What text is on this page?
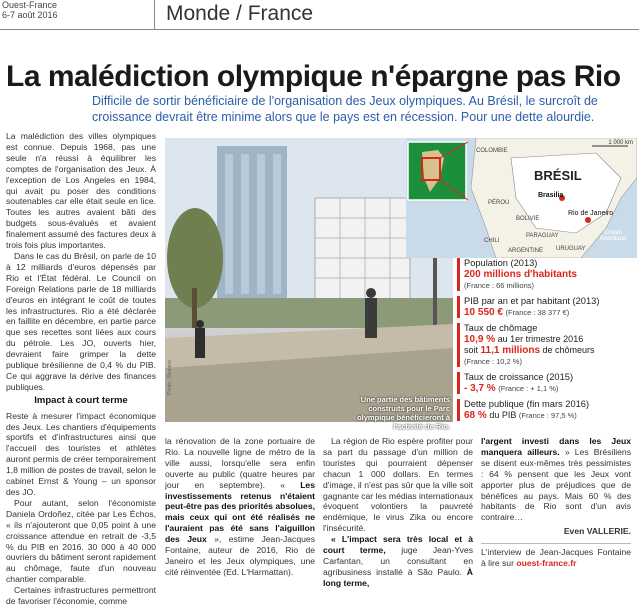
Ouest-France
6-7 août 2016	Monde / France
La malédiction olympique n'épargne pas Rio
Difficile de sortir bénéficiaire de l'organisation des Jeux olympiques. Au Brésil, le surcroît de croissance devrait être minime alors que le pays est en récession. Pour une dette alourdie.

La malédiction des villes olympiques est connue. Depuis 1968, pas une seule n'a réussi à équilibrer les comptes de l'organisation des Jeux. À l'exception de Los Angeles en 1984, qui avait pu poser des conditions soutenables car elle était seule en lice. Toutes les autres avaient bâti des budgets sous-évalués et avaient finalement assumé des factures deux à trois fois plus importantes.

Dans le cas du Brésil, on parle de 10 à 12 milliards d'euros dépensés par Rio et l'État fédéral. Le Council on Foreign Relations parle de 18 milliards d'euros en intégrant le coût de toutes les infrastructures. Rio a été déclarée en faillite en décembre, en partie parce que ses recettes sont liées aux cours du pétrole. Les JO, ouverts hier, devraient faire grimper la dette publique brésilienne de 0,4 % du PIB. Ce qui aggrave la dérive des finances publiques.

Impact à court terme

Reste à mesurer l'impact économique des Jeux. Les chantiers d'équipements sportifs et d'infrastructures ainsi que l'accueil des touristes et athlètes auront permis de créer temporairement 1,8 million de postes de travail, selon le cabinet Ernst & Young – un sponsor des JO.

Pour autant, selon l'économiste Daniela Ordoñez, citée par Les Échos, « ils n'ajouteront que 0,05 point à une croissance attendue en retrait de -3,5 % du PIB en 2016. 30 000 à 40 000 ouvriers du bâtiment seront rapidement au chômage, faute d'un nouveau chantier comparable.

Certaines infrastructures permettront de favoriser l'économie, comme

Photo : Reuters
Une partie des bâtiments construits pour le Parc olympique bénéficieront à l'activité de Rio.
1 000 km
BRÉSIL
COLOMBIE
PÉROU
BOLIVIE
PARAGUAY
CHILI
ARGENTINE URUGUAY
Brasilia
Rio de Janeiro
Océan Atlantique
Population (2013)
200 millions d'habitants
(France : 66 millions)
PIB par an et par habitant (2013)
10 550 € (France : 38 377 €)
Taux de chômage
10,9 % au 1er trimestre 2016
soit 11,1 millions de chômeurs
(France : 10,2 %)
Taux de croissance (2015)
- 3,7 % (France : + 1,1 %)
Dette publique (fin mars 2016)
68 % du PIB (France : 97,5 %)

la rénovation de la zone portuaire de Rio. La nouvelle ligne de métro de la ville aussi, lorsqu'elle sera enfin ouverte au public (quatre heures par jour en septembre). « Les investissements retenus n'étaient peut-être pas des priorités absolues, mais ceux qui ont été réalisés ne l'auraient pas été sans l'aiguillon des Jeux », estime Jean-Jacques Fontaine, auteur de 2016, Rio de Janeiro et les Jeux olympiques, une cité réinventée (Ed. L'Harmattan).

La région de Rio espère profiter pour sa part du passage d'un million de touristes qui pourraient dépenser chacun 1 000 dollars. En termes d'image, il n'est pas sûr que la ville soit gagnante car les médias internationaux évoquent volontiers la pauvreté endémique, le virus Zika ou encore l'insécurité.

« L'impact sera très local et à court terme, juge Jean-Yves Carfantan, un consultant en agribusiness installé à São Paulo. À long terme,

l'argent investi dans les Jeux manquera ailleurs. » Les Brésiliens se disent eux-mêmes très pessimistes : 64 % pensent que les Jeux vont apporter plus de préjudices que de bénéfices au pays. Mais 60 % des habitants de Rio sont d'un avis contraire…

Even VALLERIE.

L'interview de Jean-Jacques Fontaine à lire sur ouest-france.fr
